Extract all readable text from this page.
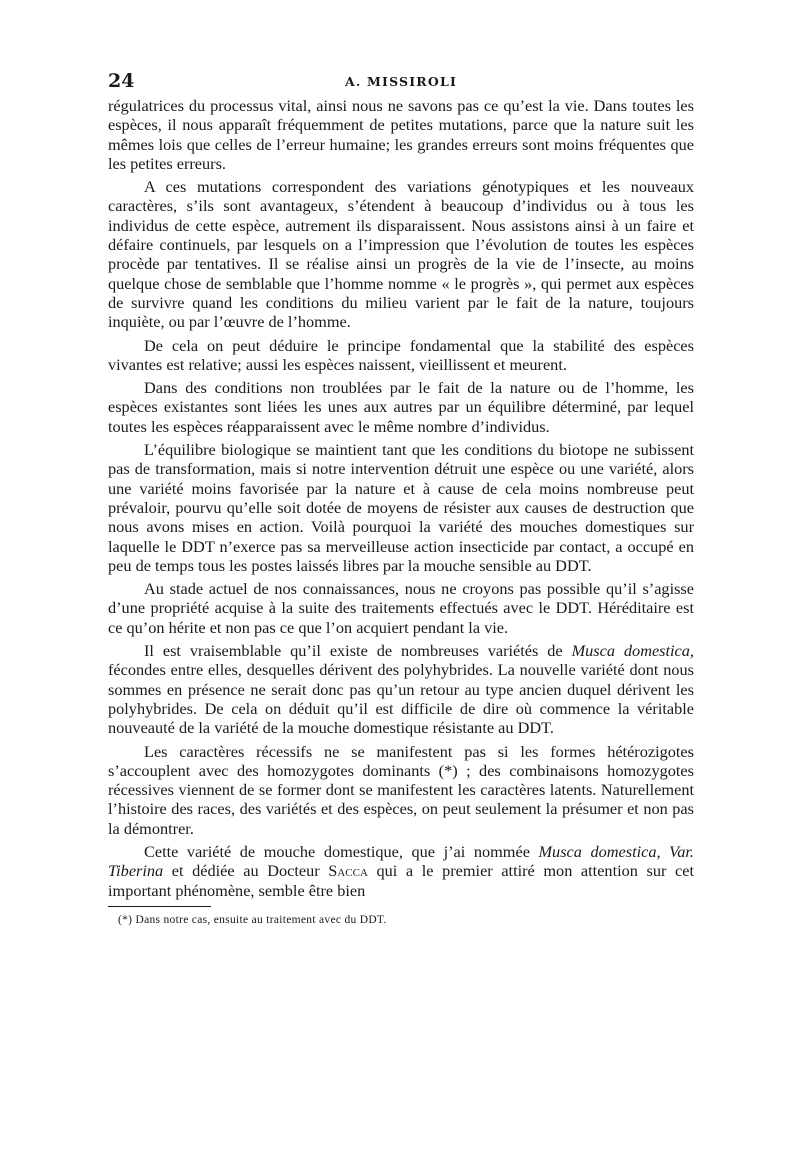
24	A. MISSIROLI

régulatrices du processus vital, ainsi nous ne savons pas ce qu’est la vie. Dans toutes les espèces, il nous apparaît fréquemment de petites mutations, parce que la nature suit les mêmes lois que celles de l’erreur humaine; les grandes erreurs sont moins fréquentes que les petites erreurs.

A ces mutations correspondent des variations génotypiques et les nouveaux caractères, s’ils sont avantageux, s’étendent à beaucoup d’individus ou à tous les individus de cette espèce, autrement ils disparaissent. Nous assistons ainsi à un faire et défaire continuels, par lesquels on a l’impression que l’évolution de toutes les espèces procède par tentatives. Il se réalise ainsi un progrès de la vie de l’insecte, au moins quelque chose de semblable que l’homme nomme « le progrès », qui permet aux espèces de survivre quand les conditions du milieu varient par le fait de la nature, toujours inquiète, ou par l’œuvre de l’homme.

De cela on peut déduire le principe fondamental que la stabilité des espèces vivantes est relative; aussi les espèces naissent, vieillissent et meurent.

Dans des conditions non troublées par le fait de la nature ou de l’homme, les espèces existantes sont liées les unes aux autres par un équilibre déterminé, par lequel toutes les espèces réapparaissent avec le même nombre d’individus.

L’équilibre biologique se maintient tant que les conditions du biotope ne subissent pas de transformation, mais si notre intervention détruit une espèce ou une variété, alors une variété moins favorisée par la nature et à cause de cela moins nombreuse peut prévaloir, pourvu qu’elle soit dotée de moyens de résister aux causes de destruction que nous avons mises en action. Voilà pourquoi la variété des mouches domestiques sur laquelle le DDT n’exerce pas sa merveilleuse action insecticide par contact, a occupé en peu de temps tous les postes laissés libres par la mouche sensible au DDT.

Au stade actuel de nos connaissances, nous ne croyons pas possible qu’il s’agisse d’une propriété acquise à la suite des traitements effectués avec le DDT. Héréditaire est ce qu’on hérite et non pas ce que l’on acquiert pendant la vie.

Il est vraisemblable qu’il existe de nombreuses variétés de Musca domestica, fécondes entre elles, desquelles dérivent des polyhybrides. La nouvelle variété dont nous sommes en présence ne serait donc pas qu’un retour au type ancien duquel dérivent les polyhybrides. De cela on déduit qu’il est difficile de dire où commence la véritable nouveauté de la variété de la mouche domestique résistante au DDT.

Les caractères récessifs ne se manifestent pas si les formes hétérozigotes s’accouplent avec des homozygotes dominants (*) ; des combinaisons homozygotes récessives viennent de se former dont se manifestent les caractères latents. Naturellement l’histoire des races, des variétés et des espèces, on peut seulement la présumer et non pas la démontrer.

Cette variété de mouche domestique, que j’ai nommée Musca domestica, Var. Tiberina et dédiée au Docteur Sacca qui a le premier attiré mon attention sur cet important phénomène, semble être bien

(*) Dans notre cas, ensuite au traitement avec du DDT.
